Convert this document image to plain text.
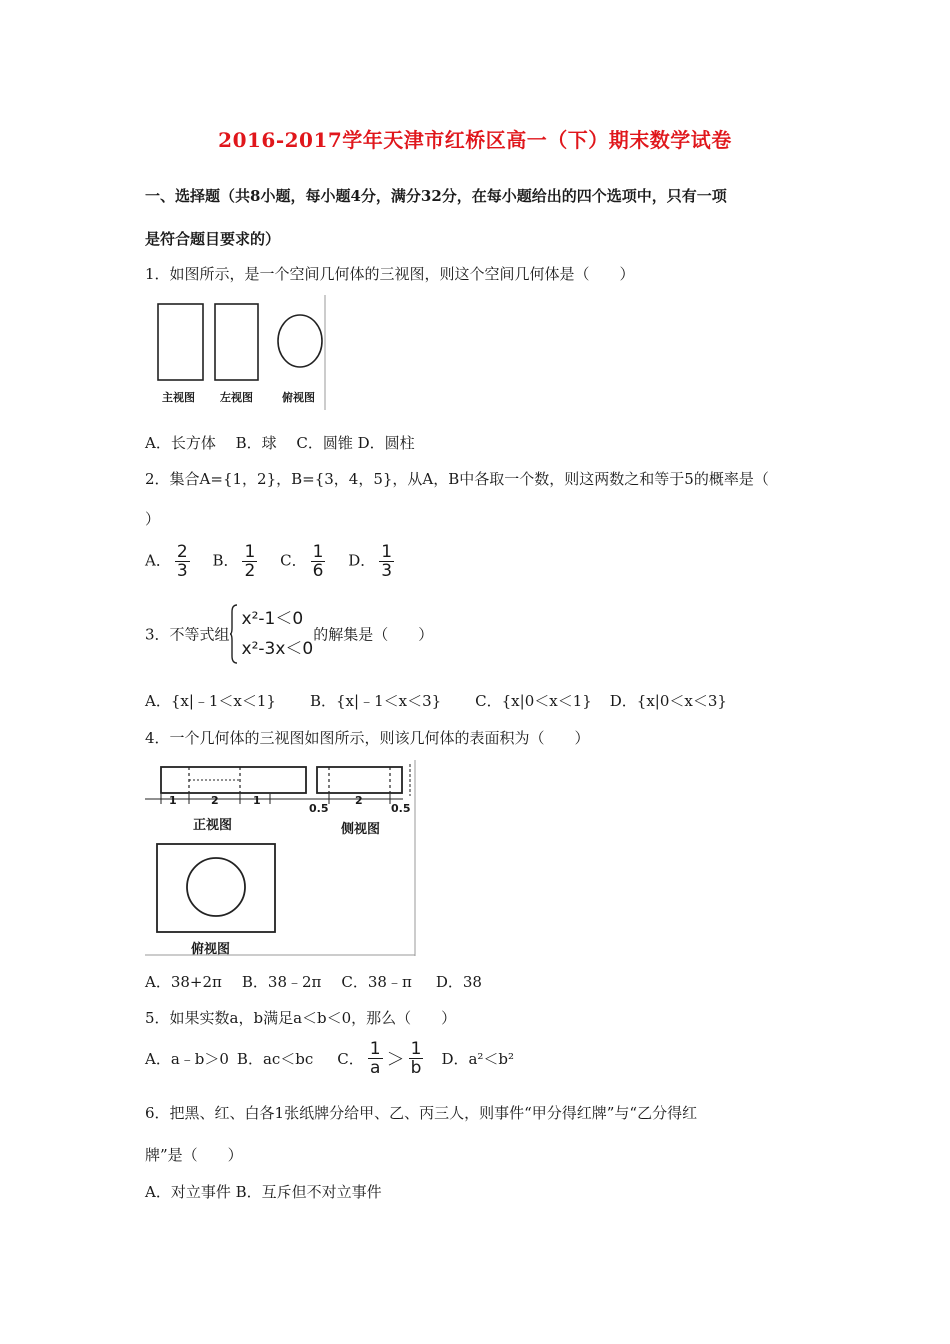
2016-2017学年天津市红桥区高一（下）期末数学试卷
一、选择题（共8小题，每小题4分，满分32分，在每小题给出的四个选项中，只有一项
是符合题目要求的）
1．如图所示，是一个空间几何体的三视图，则这个空间几何体是（　　）
主视图 左视图	俯视图
A．长方体　 B．球　 C．圆锥 D．圆柱
2．集合A={1，2}，B={3，4，5}，从A，B中各取一个数，则这两数之和等于5的概率是（
）
A． $\frac{2}{3}$ B． $\frac{1}{2}$ C． $\frac{1}{6}$ D． $\frac{1}{3}$
3．不等式组
x²-1＜0
x²-3x＜0
的解集是（　　）
A．{x|﹣1＜x＜1} B．{x|﹣1＜x＜3} C．{x|0＜x＜1} D．{x|0＜x＜3}
4．一个几何体的三视图如图所示，则该几何体的表面积为（　　）
1	2	1
0.5
2
0.5
正视图	侧视图
俯视图
A．38+2π B．38﹣2π C．38﹣π D．38
5．如果实数a，b满足a＜b＜0，那么（　　）
A．a﹣b＞0 B．ac＜bc C． $\frac{1}{a} > \frac{1}{b}$ D．a²＜b²
6．把黑、红、白各1张纸牌分给甲、乙、丙三人，则事件“甲分得红牌”与“乙分得红
牌”是（　　）
A．对立事件 B．互斥但不对立事件
